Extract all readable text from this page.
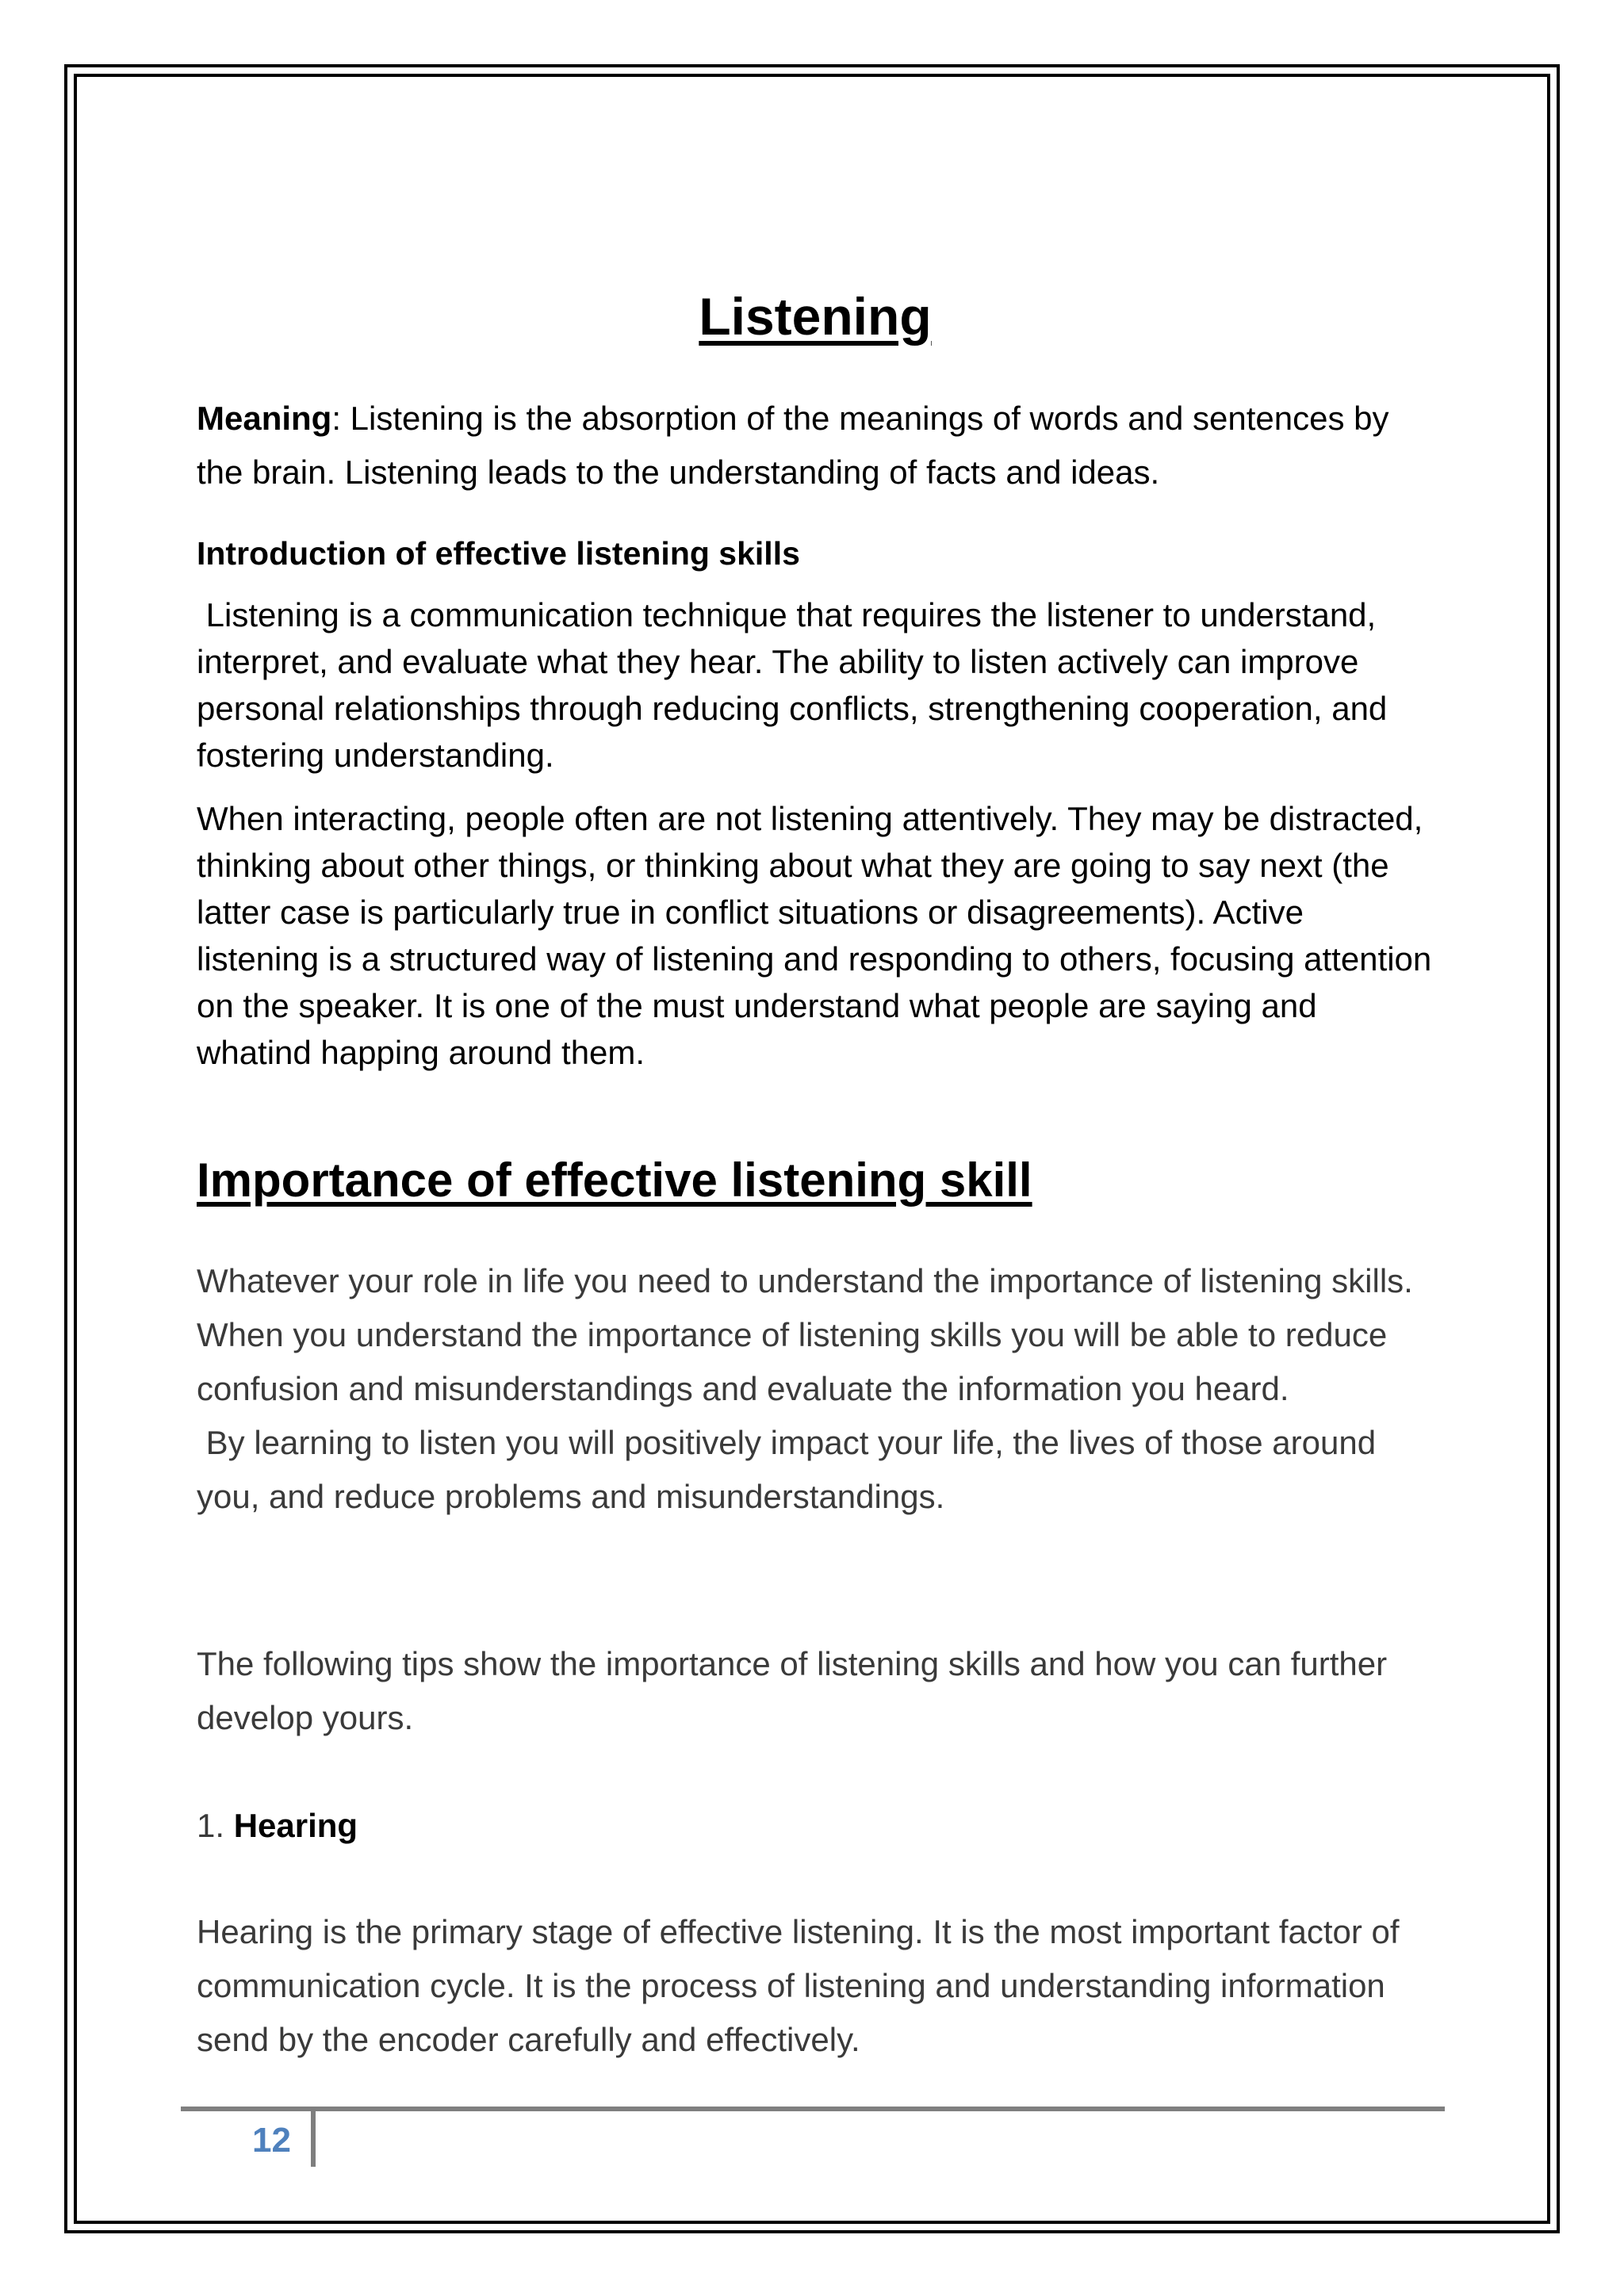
Listening

Meaning: Listening is the absorption of the meanings of words and sentences by the brain. Listening leads to the understanding of facts and ideas.

Introduction of effective listening skills

Listening is a communication technique that requires the listener to understand, interpret, and evaluate what they hear. The ability to listen actively can improve personal relationships through reducing conflicts, strengthening cooperation, and fostering understanding.

When interacting, people often are not listening attentively. They may be distracted, thinking about other things, or thinking about what they are going to say next (the latter case is particularly true in conflict situations or disagreements). Active listening is a structured way of listening and responding to others, focusing attention on the speaker. It is one of the must understand what people are saying and whatind happing around them.

Importance of effective listening skill
Whatever your role in life you need to understand the importance of listening skills. When you understand the importance of listening skills you will be able to reduce confusion and misunderstandings and evaluate the information you heard.
By learning to listen you will positively impact your life, the lives of those around you, and reduce problems and misunderstandings.

The following tips show the importance of listening skills and how you can further develop yours.

1. Hearing

Hearing is the primary stage of effective listening. It is the most important factor of communication cycle. It is the process of listening and understanding information send by the encoder carefully and effectively.

12
